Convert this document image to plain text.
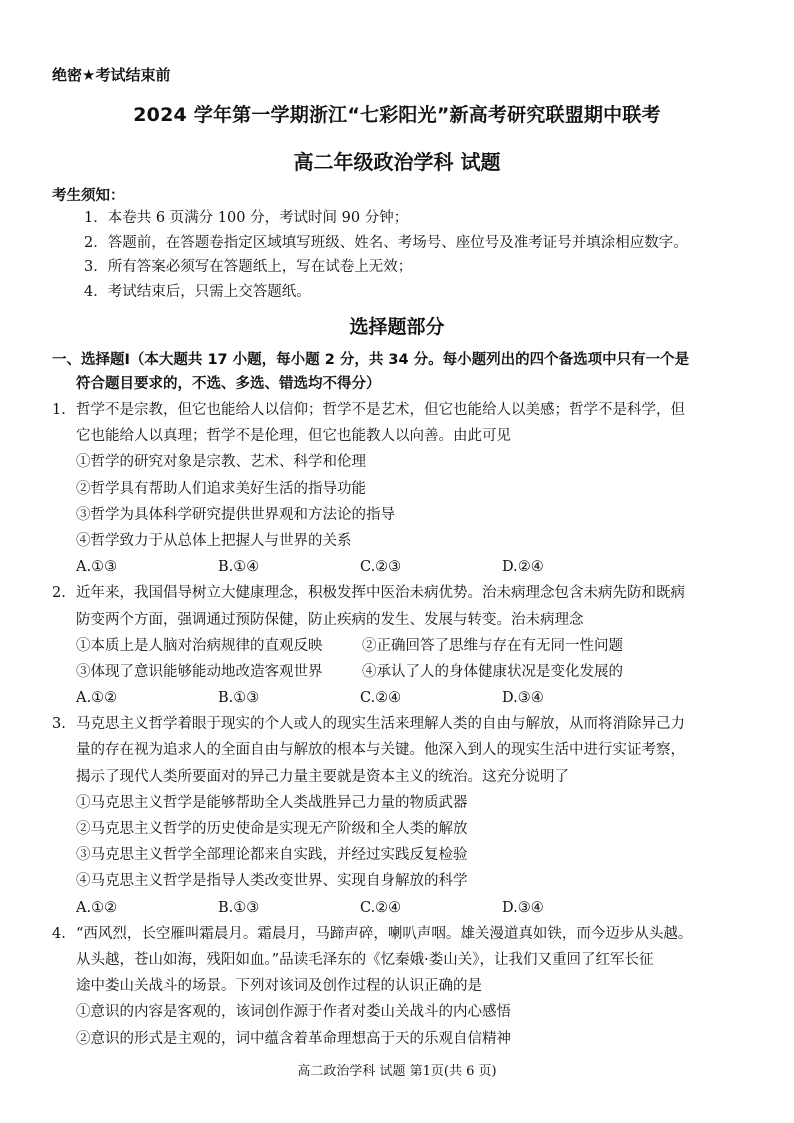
绝密★考试结束前
2024 学年第一学期浙江“七彩阳光”新高考研究联盟期中联考
高二年级政治学科 试题
考生须知：
1．本卷共 6 页满分 100 分，考试时间 90 分钟；
2．答题前，在答题卷指定区域填写班级、姓名、考场号、座位号及准考证号并填涂相应数字。
3．所有答案必须写在答题纸上，写在试卷上无效；
4．考试结束后，只需上交答题纸。
选择题部分
一、选择题Ⅰ（本大题共 17 小题，每小题 2 分，共 34 分。每小题列出的四个备选项中只有一个是
符合题目要求的，不选、多选、错选均不得分）
1. 哲学不是宗教，但它也能给人以信仰；哲学不是艺术，但它也能给人以美感；哲学不是科学，但
它也能给人以真理；哲学不是伦理，但它也能教人以向善。由此可见
①哲学的研究对象是宗教、艺术、科学和伦理
②哲学具有帮助人们追求美好生活的指导功能
③哲学为具体科学研究提供世界观和方法论的指导
④哲学致力于从总体上把握人与世界的关系
A.①③	B.①④	C.②③	D.②④
2. 近年来，我国倡导树立大健康理念，积极发挥中医治未病优势。治未病理念包含未病先防和既病
防变两个方面，强调通过预防保健，防止疾病的发生、发展与转变。治未病理念
①本质上是人脑对治病规律的直观反映	②正确回答了思维与存在有无同一性问题
③体现了意识能够能动地改造客观世界	④承认了人的身体健康状况是变化发展的
A.①②	B.①③	C.②④	D.③④
3. 马克思主义哲学着眼于现实的个人或人的现实生活来理解人类的自由与解放，从而将消除异己力
量的存在视为追求人的全面自由与解放的根本与关键。他深入到人的现实生活中进行实证考察，
揭示了现代人类所要面对的异己力量主要就是资本主义的统治。这充分说明了
①马克思主义哲学是能够帮助全人类战胜异己力量的物质武器
②马克思主义哲学的历史使命是实现无产阶级和全人类的解放
③马克思主义哲学全部理论都来自实践，并经过实践反复检验
④马克思主义哲学是指导人类改变世界、实现自身解放的科学
A.①②	B.①③	C.②④	D.③④
4. “西风烈，长空雁叫霜晨月。霜晨月，马蹄声碎，喇叭声咽。雄关漫道真如铁，而今迈步从头越。
从头越，苍山如海，残阳如血。”品读毛泽东的《忆秦娥·娄山关》，让我们又重回了红军长征
途中娄山关战斗的场景。下列对该词及创作过程的认识正确的是
①意识的内容是客观的，该词创作源于作者对娄山关战斗的内心感悟
②意识的形式是主观的，词中蕴含着革命理想高于天的乐观自信精神
高二政治学科 试题 第1页(共 6 页)
